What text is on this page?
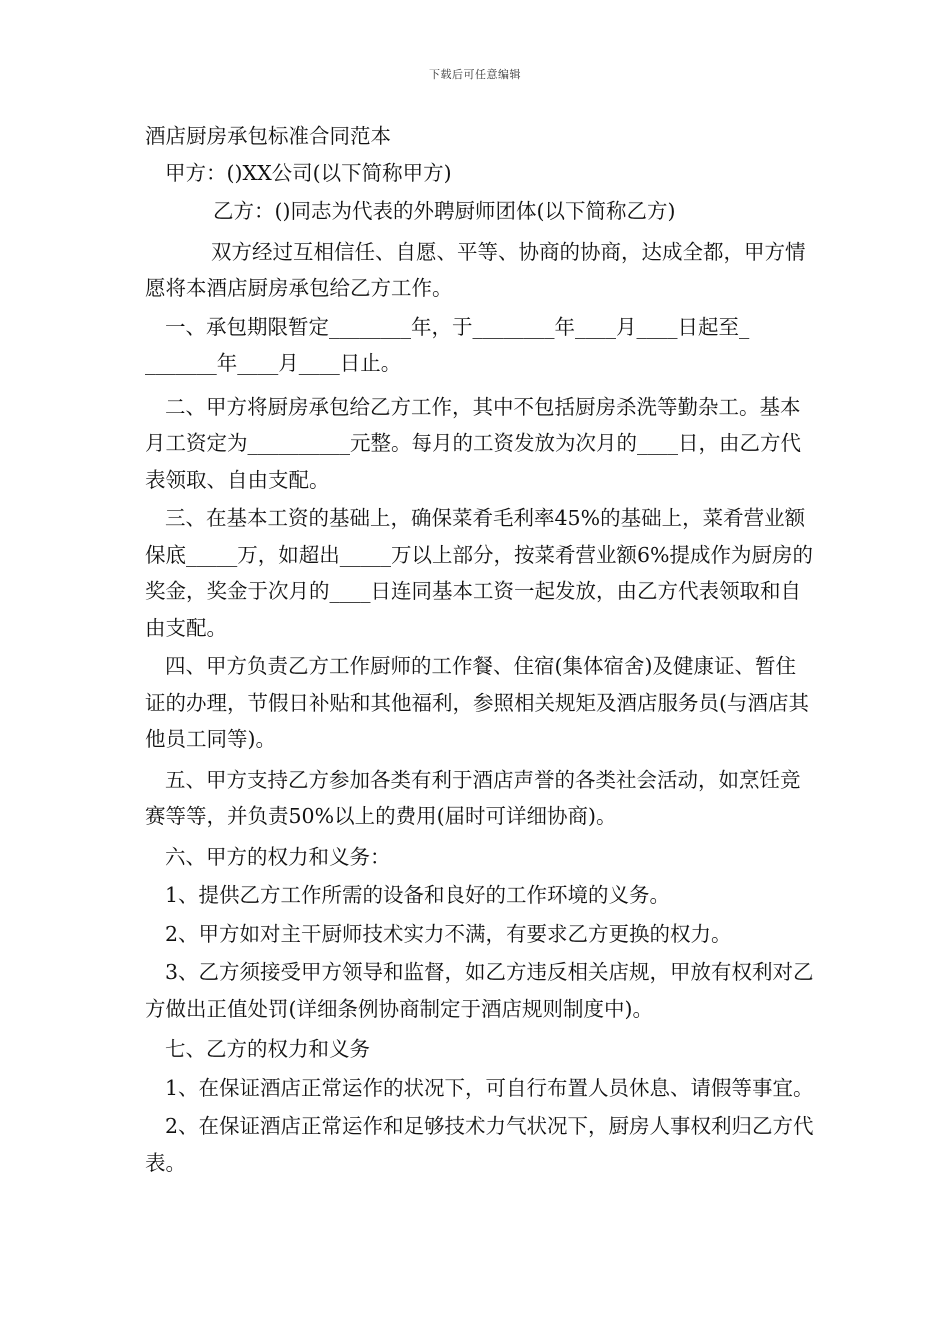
下载后可任意编辑

酒店厨房承包标准合同范本

甲方：()XX公司(以下简称甲方)

乙方：()同志为代表的外聘厨师团体(以下简称乙方)

双方经过互相信任、自愿、平等、协商的协商，达成全都，甲方情愿将本酒店厨房承包给乙方工作。

一、承包期限暂定________年，于________年____月____日起至_ _______年____月____日止。

二、甲方将厨房承包给乙方工作，其中不包括厨房杀洗等勤杂工。基本月工资定为__________元整。每月的工资发放为次月的____日，由乙方代表领取、自由支配。

三、在基本工资的基础上，确保菜肴毛利率45%的基础上，菜肴营业额保底_____万，如超出_____万以上部分，按菜肴营业额6%提成作为厨房的奖金，奖金于次月的____日连同基本工资一起发放，由乙方代表领取和自由支配。

四、甲方负责乙方工作厨师的工作餐、住宿(集体宿舍)及健康证、暂住证的办理，节假日补贴和其他福利，参照相关规矩及酒店服务员(与酒店其他员工同等)。

五、甲方支持乙方参加各类有利于酒店声誉的各类社会活动，如烹饪竞赛等等，并负责50%以上的费用(届时可详细协商)。

六、甲方的权力和义务：

1、提供乙方工作所需的设备和良好的工作环境的义务。

2、甲方如对主干厨师技术实力不满，有要求乙方更换的权力。

3、乙方须接受甲方领导和监督，如乙方违反相关店规，甲放有权利对乙方做出正值处罚(详细条例协商制定于酒店规则制度中)。

七、乙方的权力和义务

1、在保证酒店正常运作的状况下，可自行布置人员休息、请假等事宜。

2、在保证酒店正常运作和足够技术力气状况下，厨房人事权利归乙方代表。
